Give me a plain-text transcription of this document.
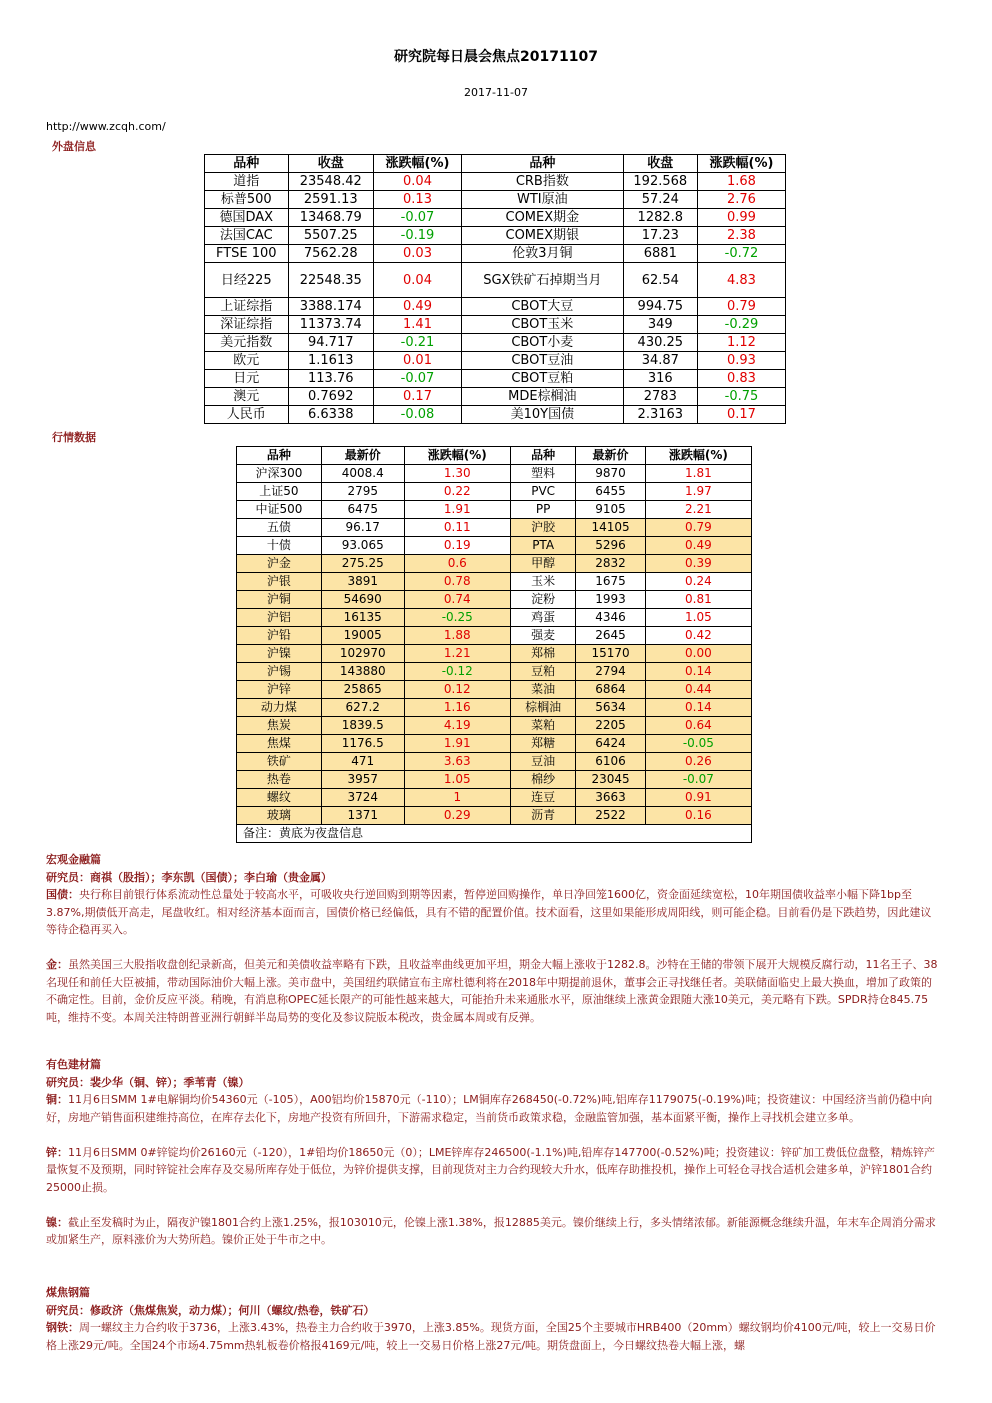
研究院每日晨会焦点20171107
2017-11-07
http://www.zcqh.com/
外盘信息
品种	收盘	涨跌幅(%)	品种	收盘	涨跌幅(%)
道指	23548.42	0.04	CRB指数	192.568	1.68
标普500	2591.13	0.13	WTI原油	57.24	2.76
德国DAX	13468.79	-0.07	COMEX期金	1282.8	0.99
法国CAC	5507.25	-0.19	COMEX期银	17.23	2.38
FTSE 100	7562.28	0.03	伦敦3月铜	6881	-0.72
日经225	22548.35	0.04	SGX铁矿石掉期当月	62.54	4.83
上证综指	3388.174	0.49	CBOT大豆	994.75	0.79
深证综指	11373.74	1.41	CBOT玉米	349	-0.29
美元指数	94.717	-0.21	CBOT小麦	430.25	1.12
欧元	1.1613	0.01	CBOT豆油	34.87	0.93
日元	113.76	-0.07	CBOT豆粕	316	0.83
澳元	0.7692	0.17	MDE棕榈油	2783	-0.75
人民币	6.6338	-0.08	美10Y国债	2.3163	0.17
行情数据
品种	最新价	涨跌幅(%)	品种	最新价	涨跌幅(%)
沪深300	4008.4	1.30	塑料	9870	1.81
上证50	2795	0.22	PVC	6455	1.97
中证500	6475	1.91	PP	9105	2.21
五债	96.17	0.11	沪胶	14105	0.79
十债	93.065	0.19	PTA	5296	0.49
沪金	275.25	0.6	甲醇	2832	0.39
沪银	3891	0.78	玉米	1675	0.24
沪铜	54690	0.74	淀粉	1993	0.81
沪铝	16135	-0.25	鸡蛋	4346	1.05
沪铅	19005	1.88	强麦	2645	0.42
沪镍	102970	1.21	郑棉	15170	0.00
沪锡	143880	-0.12	豆粕	2794	0.14
沪锌	25865	0.12	菜油	6864	0.44
动力煤	627.2	1.16	棕榈油	5634	0.14
焦炭	1839.5	4.19	菜粕	2205	0.64
焦煤	1176.5	1.91	郑糖	6424	-0.05
铁矿	471	3.63	豆油	6106	0.26
热卷	3957	1.05	棉纱	23045	-0.07
螺纹	3724	1	连豆	3663	0.91
玻璃	1371	0.29	沥青	2522	0.16
备注：黄底为夜盘信息					

宏观金融篇

研究员：商祺（股指）；李东凯（国债）；李白瑜（贵金属）

国债：央行称目前银行体系流动性总量处于较高水平，可吸收央行逆回购到期等因素，暂停逆回购操作，单日净回笼1600亿，资金面延续宽松，10年期国债收益率小幅下降1bp至3.87%,期债低开高走，尾盘收红。相对经济基本面而言，国债价格已经偏低，具有不错的配置价值。技术面看，这里如果能形成周阳线，则可能企稳。目前看仍是下跌趋势，因此建议等待企稳再买入。

金：虽然美国三大股指收盘创纪录新高，但美元和美债收益率略有下跌，且收益率曲线更加平坦，期金大幅上涨收于1282.8。沙特在王储的带领下展开大规模反腐行动，11名王子、38名现任和前任大臣被捕，带动国际油价大幅上涨。美市盘中，美国纽约联储宣布主席杜德利将在2018年中期提前退休，董事会正寻找继任者。美联储面临史上最大换血，增加了政策的不确定性。目前，金价反应平淡。稍晚，有消息称OPEC延长限产的可能性越来越大，可能抬升未来通胀水平，原油继续上涨黄金跟随大涨10美元，美元略有下跌。SPDR持仓845.75吨，维持不变。本周关注特朗普亚洲行朝鲜半岛局势的变化及参议院版本税改，贵金属本周或有反弹。

有色建材篇

研究员：裴少华（铜、锌）；季苇青（镍）

铜：11月6日SMM 1#电解铜均价54360元（-105），A00铝均价15870元（-110）；LM铜库存268450(-0.72%)吨,铝库存1179075(-0.19%)吨；投资建议：中国经济当前仍稳中向好，房地产销售面积建维持高位，在库存去化下，房地产投资有所回升，下游需求稳定，当前货币政策求稳，金融监管加强，基本面紧平衡，操作上寻找机会建立多单。

锌：11月6日SMM 0#锌锭均价26160元（-120），1#铅均价18650元（0）；LME锌库存246500(-1.1%)吨,铅库存147700(-0.52%)吨；投资建议：锌矿加工费低位盘整，精炼锌产量恢复不及预期，同时锌锭社会库存及交易所库存处于低位，为锌价提供支撑，目前现货对主力合约现较大升水，低库存助推投机，操作上可轻仓寻找合适机会建多单，沪锌1801合约25000止损。

镍：截止至发稿时为止，隔夜沪镍1801合约上涨1.25%，报103010元，伦镍上涨1.38%，报12885美元。镍价继续上行，多头情绪浓郁。新能源概念继续升温，年末车企周消分需求或加紧生产，原料涨价为大势所趋。镍价正处于牛市之中。

煤焦钢篇

研究员：修政济（焦煤焦炭，动力煤）；何川（螺纹/热卷，铁矿石）

钢铁：周一螺纹主力合约收于3736，上涨3.43%，热卷主力合约收于3970，上涨3.85%。现货方面，全国25个主要城市HRB400（20mm）螺纹钢均价4100元/吨，较上一交易日价格上涨29元/吨。全国24个市场4.75mm热轧板卷价格报4169元/吨，较上一交易日价格上涨27元/吨。期货盘面上，今日螺纹热卷大幅上涨，螺
